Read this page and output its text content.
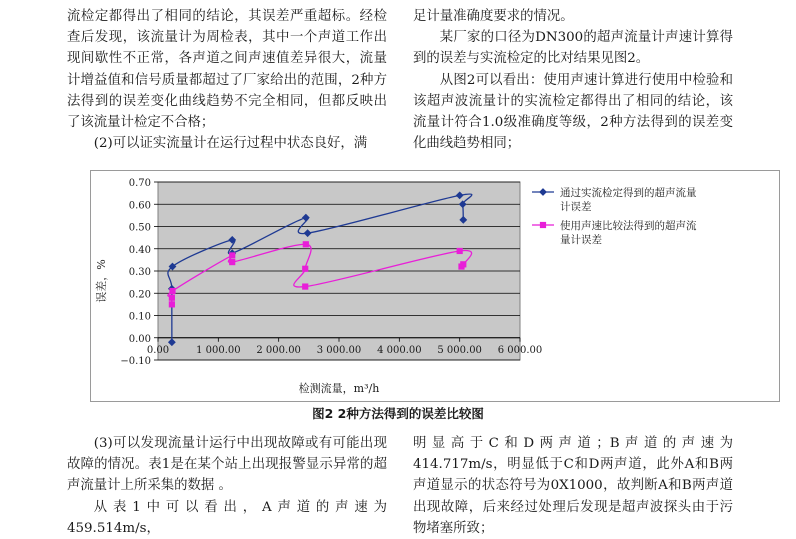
流检定都得出了相同的结论，其误差严重超标。经检查后发现，该流量计为周检表，其中一个声道工作出现间歇性不正常，各声道之间声速值差异很大，流量计增益值和信号质量都超过了厂家给出的范围，2种方法得到的误差变化曲线趋势不完全相同，但都反映出了该流量计检定不合格；

(2)可以证实流量计在运行过程中状态良好，满

足计量准确度要求的情况。

某厂家的口径为DN300的超声流量计声速计算得到的误差与实流检定的比对结果见图2。

从图2可以看出：使用声速计算进行使用中检验和该超声波流量计的实流检定都得出了相同的结论，该流量计符合1.0级准确度等级，2种方法得到的误差变化曲线趋势相同；

−0.10
0.00
0.10
0.20
0.30
0.40
0.50
0.60
0.70
0.00	1 000.00 2 000.00 3 000.00 4 000.00 5 000.00 6 000.00
检测流量，m³/h
误差，%
通过实流检定得到的超声流量计误差
使用声速比较法得到的超声流量计误差
图2 2种方法得到的误差比较图

(3)可以发现流量计运行中出现故障或有可能出现故障的情况。表1是在某个站上出现报警显示异常的超声流量计上所采集的数据 。

从表1中可以看出，A声道的声速为459.514m/s，

明显高于C和D两声道；B声道的声速为414.717m/s，明显低于C和D两声道，此外A和B两声道显示的状态符号为0X1000，故判断A和B两声道出现故障，后来经过处理后发现是超声波探头由于污物堵塞所致；
